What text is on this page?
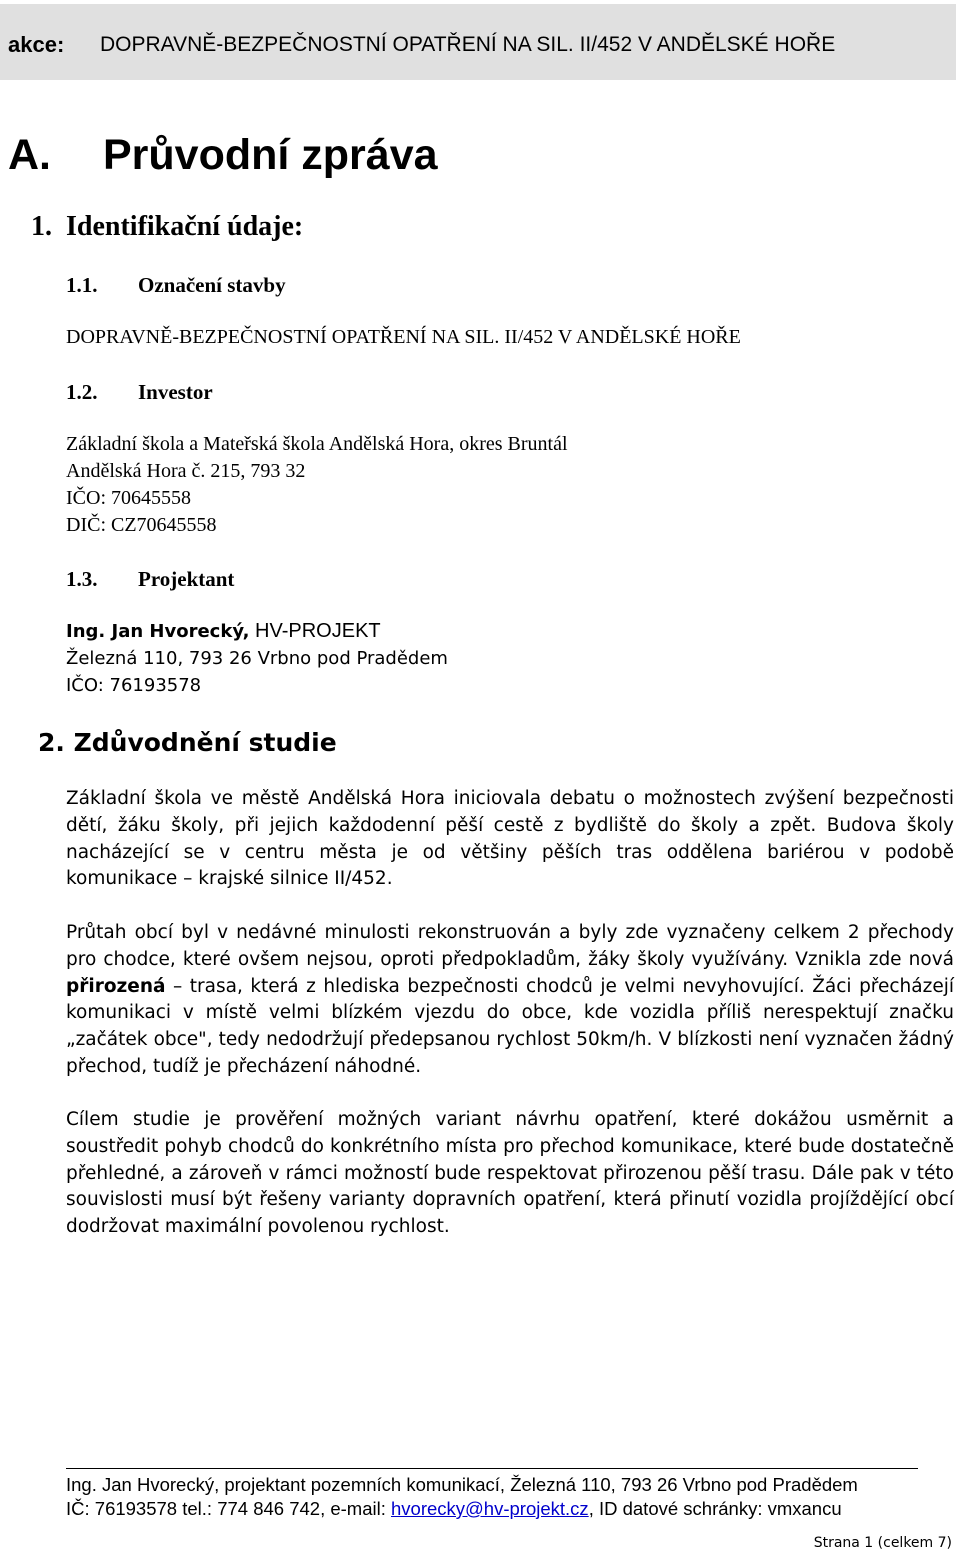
akce: DOPRAVNĚ-BEZPEČNOSTNÍ OPATŘENÍ NA SIL. II/452 V ANDĚLSKÉ HOŘE
A. Průvodní zpráva
1. Identifikační údaje:
1.1. Označení stavby
DOPRAVNĚ-BEZPEČNOSTNÍ OPATŘENÍ NA SIL. II/452 V ANDĚLSKÉ HOŘE
1.2. Investor
Základní škola a Mateřská škola Andělská Hora, okres Bruntál
Andělská Hora č. 215, 793 32
IČO: 70645558
DIČ: CZ70645558
1.3. Projektant
Ing. Jan Hvorecký, HV-PROJEKT
Železná 110, 793 26 Vrbno pod Pradědem
IČO: 76193578
2. Zdůvodnění studie

Základní škola ve městě Andělská Hora iniciovala debatu o možnostech zvýšení bezpečnosti dětí, žáku školy, při jejich každodenní pěší cestě z bydliště do školy a zpět. Budova školy nacházející se v centru města je od většiny pěších tras oddělena bariérou v podobě komunikace – krajské silnice II/452.

Průtah obcí byl v nedávné minulosti rekonstruován a byly zde vyznačeny celkem 2 přechody pro chodce, které ovšem nejsou, oproti předpokladům, žáky školy využívány. Vznikla zde nová přirozená – trasa, která z hlediska bezpečnosti chodců je velmi nevyhovující. Žáci přecházejí komunikaci v místě velmi blízkém vjezdu do obce, kde vozidla příliš nerespektují značku „začátek obce", tedy nedodržují předepsanou rychlost 50km/h. V blízkosti není vyznačen žádný přechod, tudíž je přecházení náhodné.

Cílem studie je prověření možných variant návrhu opatření, které dokážou usměrnit a soustředit pohyb chodců do konkrétního místa pro přechod komunikace, které bude dostatečně přehledné, a zároveň v rámci možností bude respektovat přirozenou pěší trasu. Dále pak v této souvislosti musí být řešeny varianty dopravních opatření, která přinutí vozidla projíždějící obcí dodržovat maximální povolenou rychlost.

Ing. Jan Hvorecký, projektant pozemních komunikací, Železná 110, 793 26 Vrbno pod Pradědem
IČ: 76193578 tel.: 774 846 742, e-mail: hvorecky@hv-projekt.cz, ID datové schránky: vmxancu
Strana 1 (celkem 7)
